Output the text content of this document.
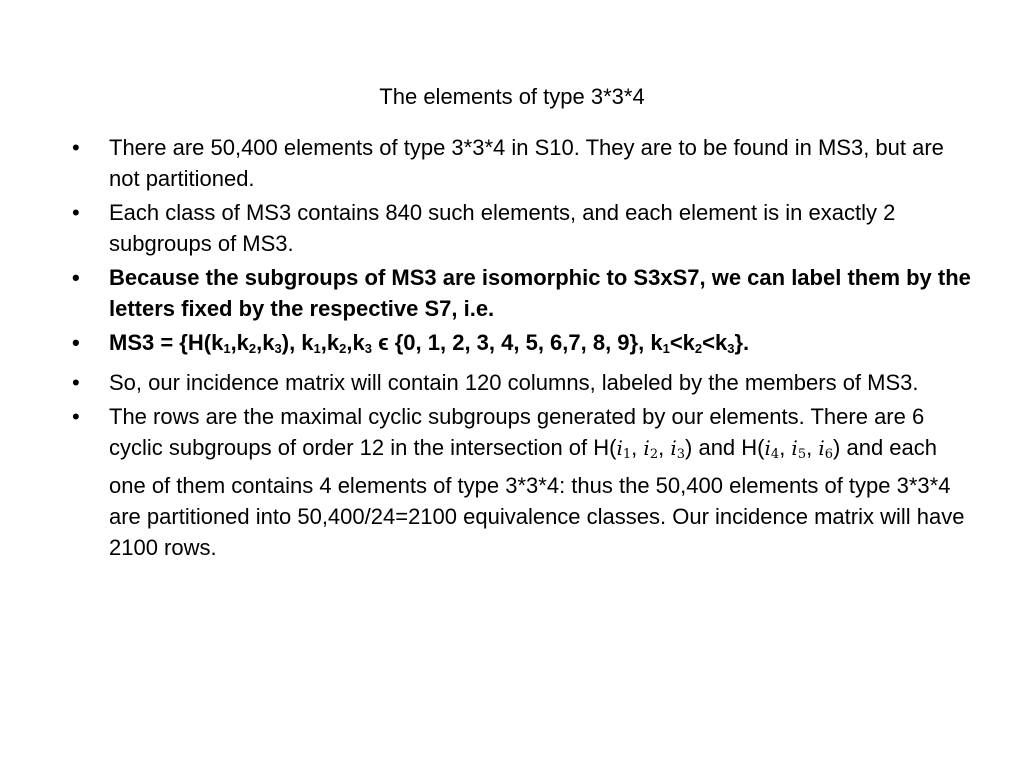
The elements of type 3*3*4
•	There are 50,400 elements of type 3*3*4 in S10. They are to be found in MS3, but are not partitioned.
•	Each class of MS3 contains 840 such elements, and each element is in exactly 2 subgroups of MS3.
•	Because the subgroups of MS3 are isomorphic to S3xS7, we can label them by the letters fixed by the respective S7, i.e.
•	$MS3 = \{H(k_1,k_2,k_3)$, $k_1,k_2,k_3$ ϵ {0, 1, 2, 3, 4, 5, 6,7, 8, 9}, $k_1<k_2<k_3$}.
•	So, our incidence matrix will contain 120 columns, labeled by the members of MS3.
•	The rows are the maximal cyclic subgroups generated by our elements. There are 6 cyclic subgroups of order 12 in the intersection of $H(i_1$, $i_2$, $i_3$) and $H(i_4$, $i_5$, $i_6$) and each one of them contains 4 elements of type 3*3*4: thus the 50,400 elements of type 3*3*4 are partitioned into 50,400/24=2100 equivalence classes. Our incidence matrix will have 2100 rows.
